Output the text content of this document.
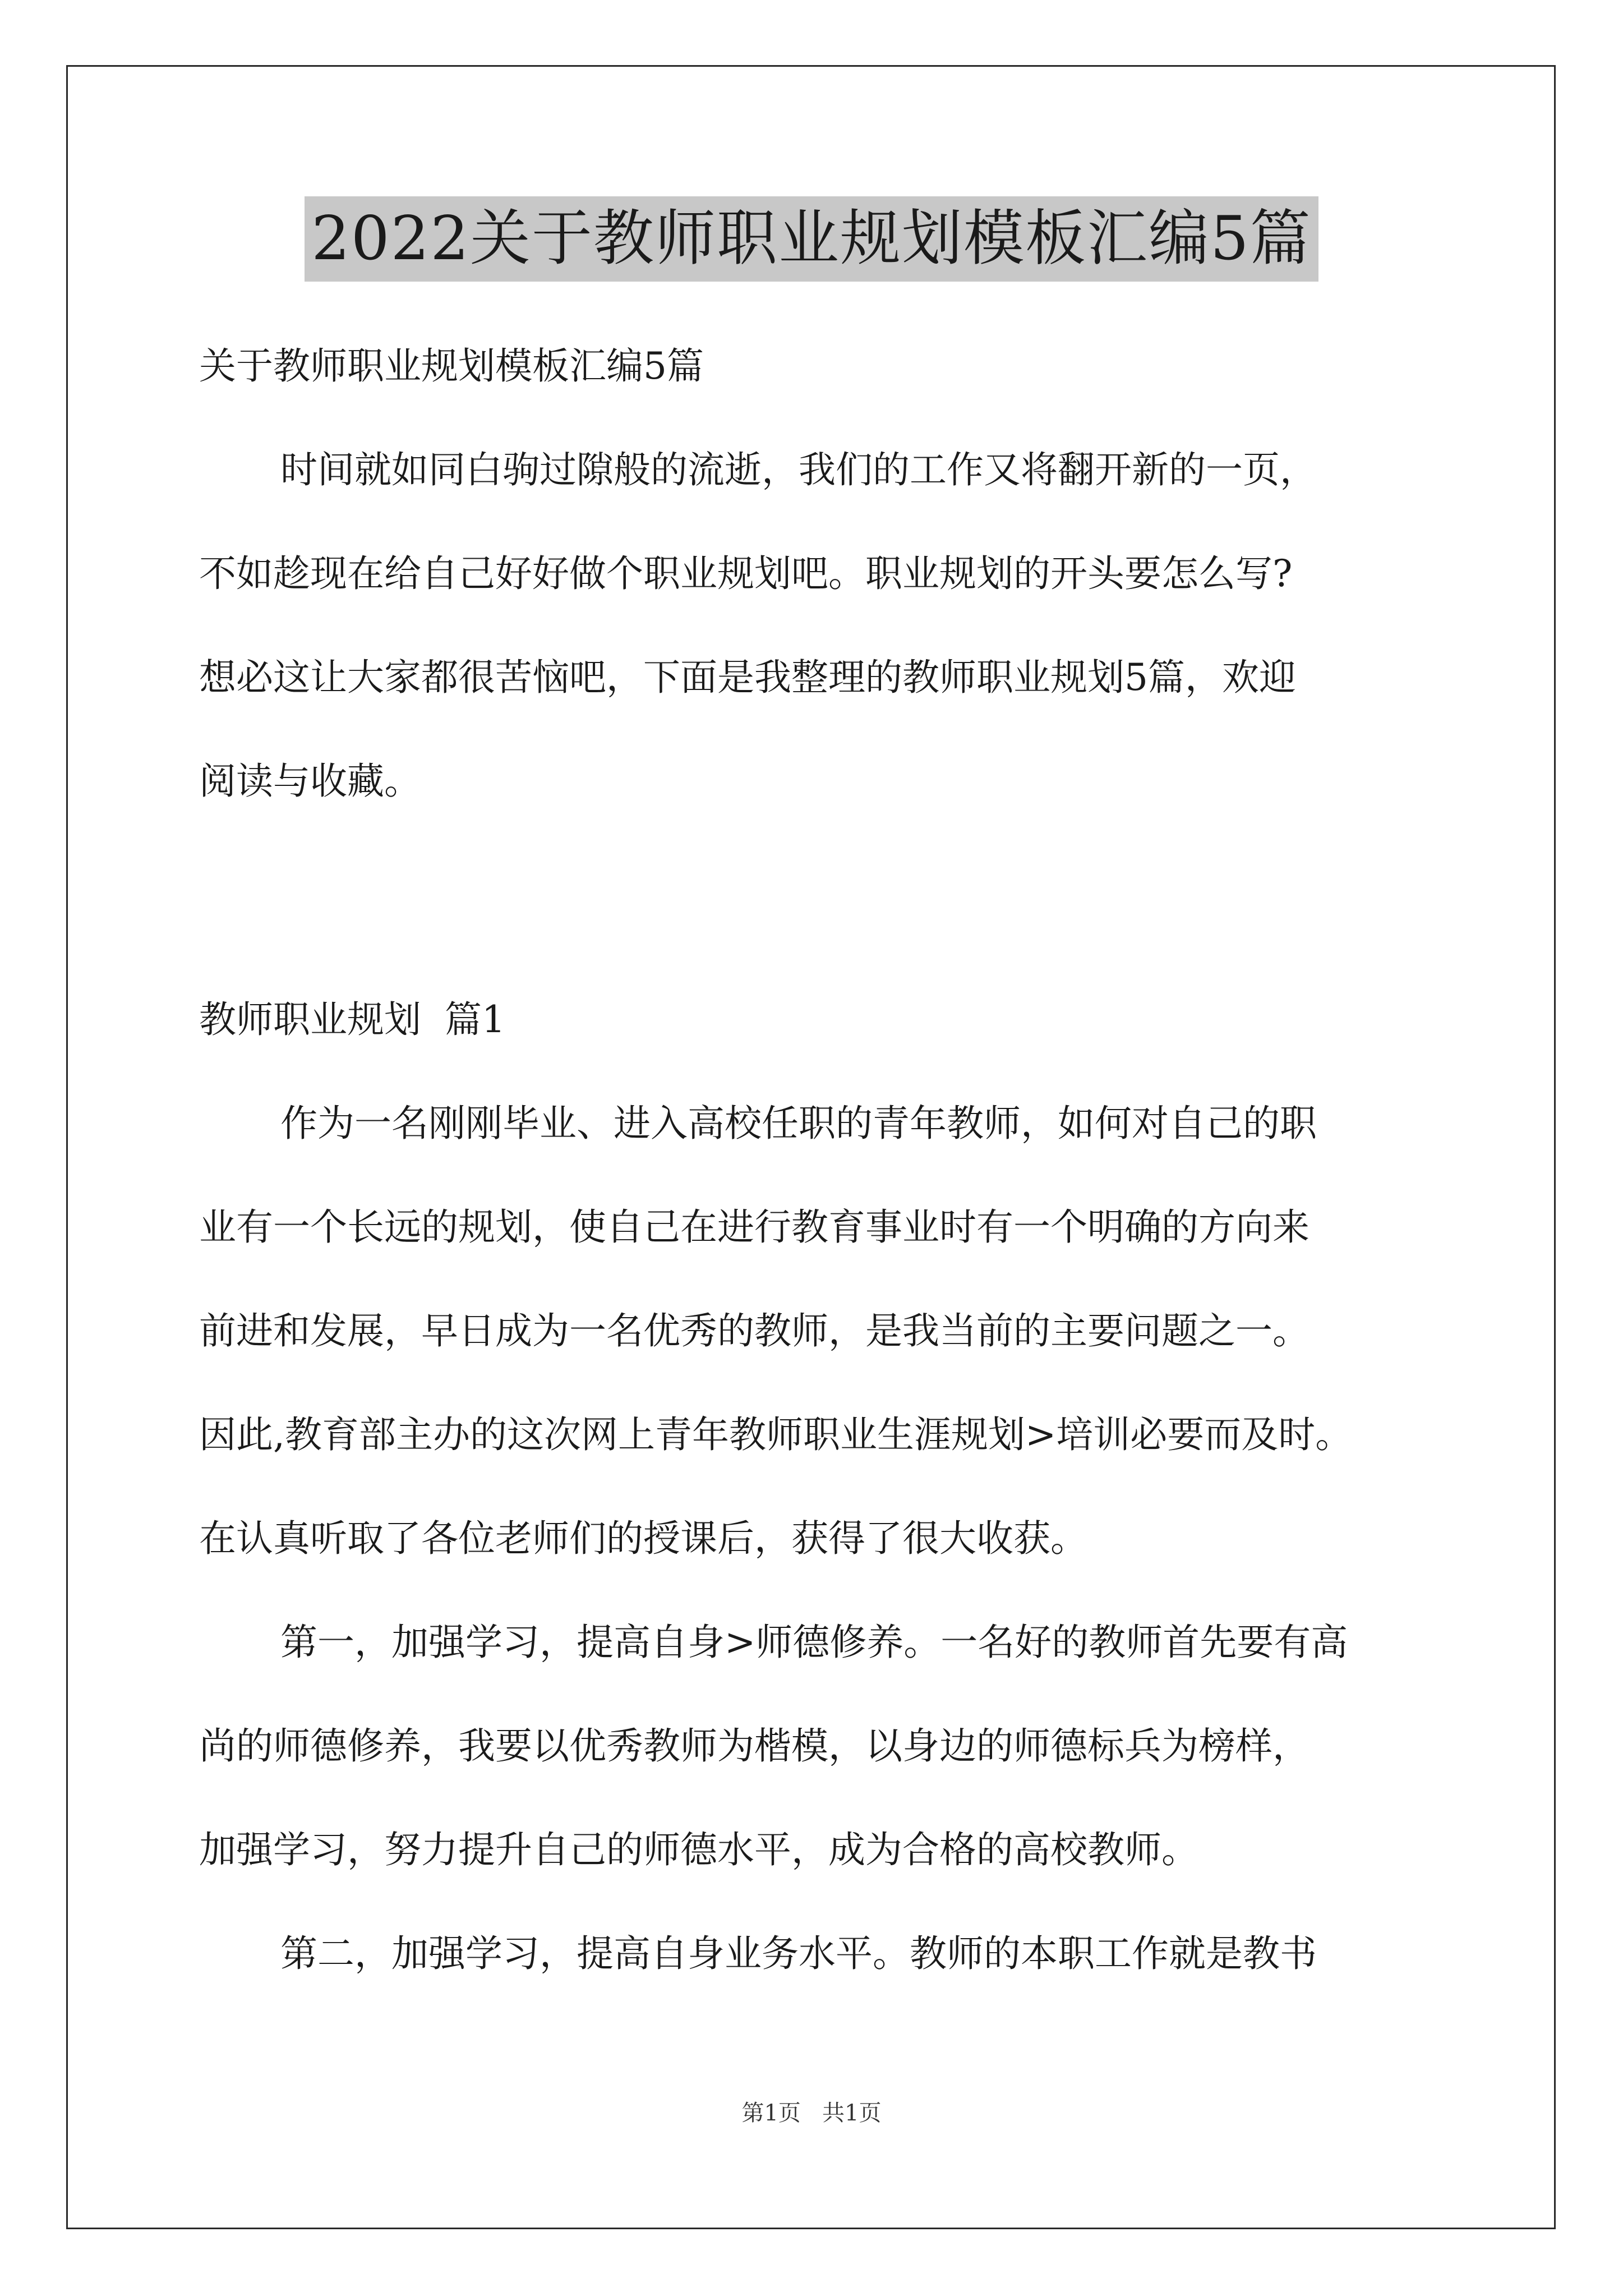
2022关于教师职业规划模板汇编5篇
关于教师职业规划模板汇编5篇
时间就如同白驹过隙般的流逝，我们的工作又将翻开新的一页，
不如趁现在给自己好好做个职业规划吧。职业规划的开头要怎么写?
想必这让大家都很苦恼吧，下面是我整理的教师职业规划5篇，欢迎
阅读与收藏。
教师职业规划  篇1
作为一名刚刚毕业、进入高校任职的青年教师，如何对自己的职
业有一个长远的规划，使自己在进行教育事业时有一个明确的方向来
前进和发展，早日成为一名优秀的教师，是我当前的主要问题之一。
因此,教育部主办的这次网上青年教师职业生涯规划>培训必要而及时。
在认真听取了各位老师们的授课后，获得了很大收获。
第一，加强学习，提高自身>师德修养。一名好的教师首先要有高
尚的师德修养，我要以优秀教师为楷模，以身边的师德标兵为榜样，
加强学习，努力提升自己的师德水平，成为合格的高校教师。
第二，加强学习，提高自身业务水平。教师的本职工作就是教书
第1页   共1页
